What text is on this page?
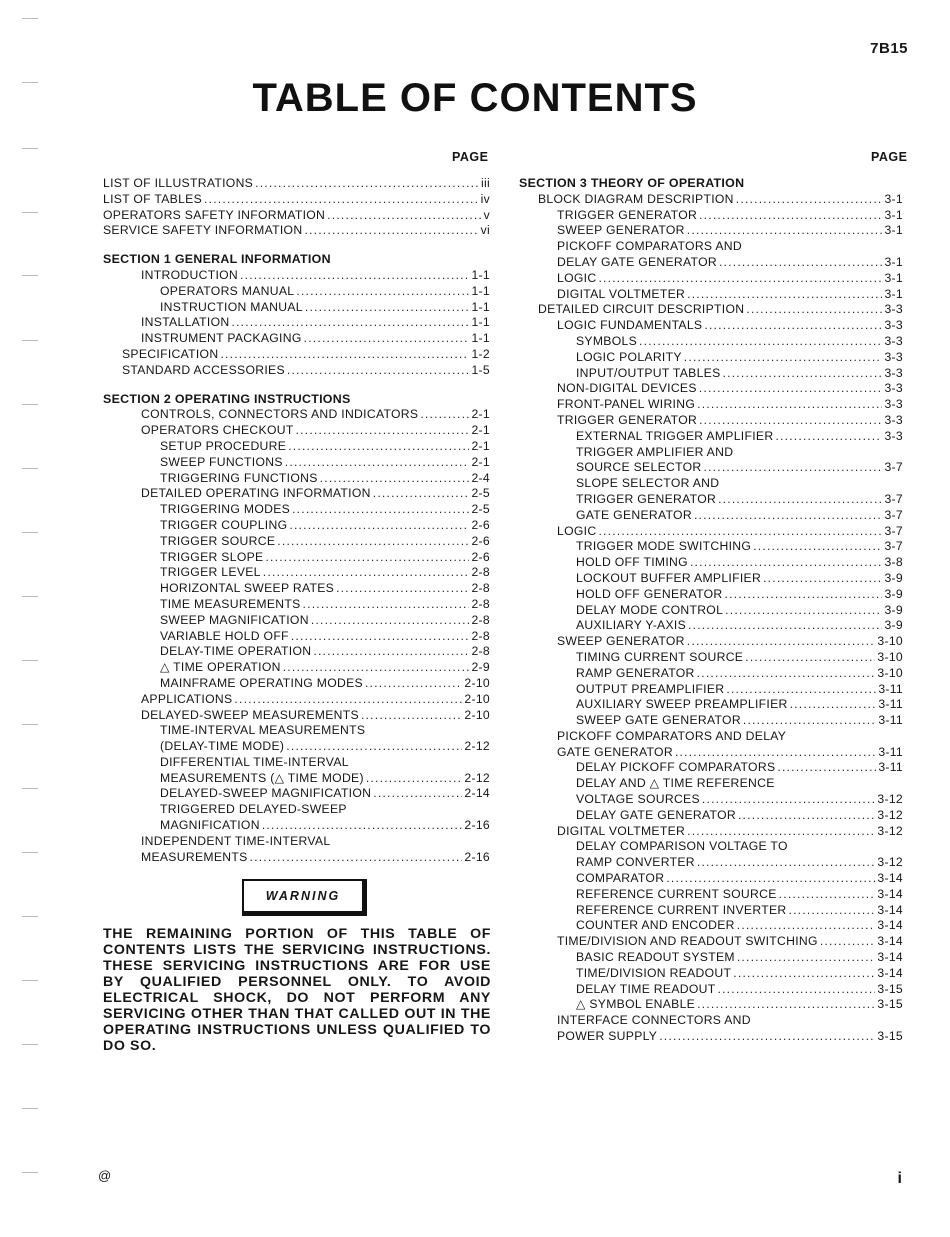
7B15
TABLE OF CONTENTS
PAGE	PAGE
LIST OF ILLUSTRATIONS .....	iii
LIST OF TABLES .....	iv
OPERATORS SAFETY INFORMATION .....	v
SERVICE SAFETY INFORMATION .....	vi
SECTION 1 GENERAL INFORMATION
INTRODUCTION .....	1-1
OPERATORS MANUAL .....	1-1
INSTRUCTION MANUAL .....	1-1
INSTALLATION .....	1-1
INSTRUMENT PACKAGING .....	1-1
SPECIFICATION .....	1-2
STANDARD ACCESSORIES .....	1-5
SECTION 2 OPERATING INSTRUCTIONS
CONTROLS, CONNECTORS AND INDICATORS .....	2-1
OPERATORS CHECKOUT .....	2-1
SETUP PROCEDURE .....	2-1
SWEEP FUNCTIONS .....	2-1
TRIGGERING FUNCTIONS .....	2-4
DETAILED OPERATING INFORMATION .....	2-5
TRIGGERING MODES .....	2-5
TRIGGER COUPLING .....	2-6
TRIGGER SOURCE .....	2-6
TRIGGER SLOPE .....	2-6
TRIGGER LEVEL .....	2-8
HORIZONTAL SWEEP RATES .....	2-8
TIME MEASUREMENTS .....	2-8
SWEEP MAGNIFICATION .....	2-8
VARIABLE HOLD OFF .....	2-8
DELAY-TIME OPERATION .....	2-8
△ TIME OPERATION .....	2-9
MAINFRAME OPERATING MODES .....	2-10
APPLICATIONS .....	2-10
DELAYED-SWEEP MEASUREMENTS .....	2-10
TIME-INTERVAL MEASUREMENTS
(DELAY-TIME MODE) .....	2-12
DIFFERENTIAL TIME-INTERVAL
MEASUREMENTS (△ TIME MODE) .....	2-12
DELAYED-SWEEP MAGNIFICATION .....	2-14
TRIGGERED DELAYED-SWEEP
MAGNIFICATION .....	2-16
INDEPENDENT TIME-INTERVAL
MEASUREMENTS .....	2-16
WARNING
THE REMAINING PORTION OF THIS TABLE OF CONTENTS LISTS THE SERVICING INSTRUCTIONS. THESE SERVICING INSTRUCTIONS ARE FOR USE BY QUALIFIED PERSONNEL ONLY. TO AVOID ELECTRICAL SHOCK, DO NOT PERFORM ANY SERVICING OTHER THAN THAT CALLED OUT IN THE OPERATING INSTRUCTIONS UNLESS QUALIFIED TO DO SO.
SECTION 3 THEORY OF OPERATION
BLOCK DIAGRAM DESCRIPTION .....	3-1
TRIGGER GENERATOR .....	3-1
SWEEP GENERATOR .....	3-1
PICKOFF COMPARATORS AND
DELAY GATE GENERATOR .....	3-1
LOGIC .....	3-1
DIGITAL VOLTMETER .....	3-1
DETAILED CIRCUIT DESCRIPTION .....	3-3
LOGIC FUNDAMENTALS .....	3-3
SYMBOLS .....	3-3
LOGIC POLARITY .....	3-3
INPUT/OUTPUT TABLES .....	3-3
NON-DIGITAL DEVICES .....	3-3
FRONT-PANEL WIRING .....	3-3
TRIGGER GENERATOR .....	3-3
EXTERNAL TRIGGER AMPLIFIER .....	3-3
TRIGGER AMPLIFIER AND
SOURCE SELECTOR .....	3-7
SLOPE SELECTOR AND
TRIGGER GENERATOR .....	3-7
GATE GENERATOR .....	3-7
LOGIC .....	3-7
TRIGGER MODE SWITCHING .....	3-7
HOLD OFF TIMING .....	3-8
LOCKOUT BUFFER AMPLIFIER .....	3-9
HOLD OFF GENERATOR .....	3-9
DELAY MODE CONTROL .....	3-9
AUXILIARY Y-AXIS .....	3-9
SWEEP GENERATOR .....	3-10
TIMING CURRENT SOURCE .....	3-10
RAMP GENERATOR .....	3-10
OUTPUT PREAMPLIFIER .....	3-11
AUXILIARY SWEEP PREAMPLIFIER .....	3-11
SWEEP GATE GENERATOR .....	3-11
PICKOFF COMPARATORS AND DELAY
GATE GENERATOR .....	3-11
DELAY PICKOFF COMPARATORS .....	3-11
DELAY AND △ TIME REFERENCE
VOLTAGE SOURCES .....	3-12
DELAY GATE GENERATOR .....	3-12
DIGITAL VOLTMETER .....	3-12
DELAY COMPARISON VOLTAGE TO
RAMP CONVERTER .....	3-12
COMPARATOR .....	3-14
REFERENCE CURRENT SOURCE .....	3-14
REFERENCE CURRENT INVERTER .....	3-14
COUNTER AND ENCODER .....	3-14
TIME/DIVISION AND READOUT SWITCHING .....	3-14
BASIC READOUT SYSTEM .....	3-14
TIME/DIVISION READOUT .....	3-14
DELAY TIME READOUT .....	3-15
△ SYMBOL ENABLE .....	3-15
INTERFACE CONNECTORS AND
POWER SUPPLY .....	3-15
@	i
